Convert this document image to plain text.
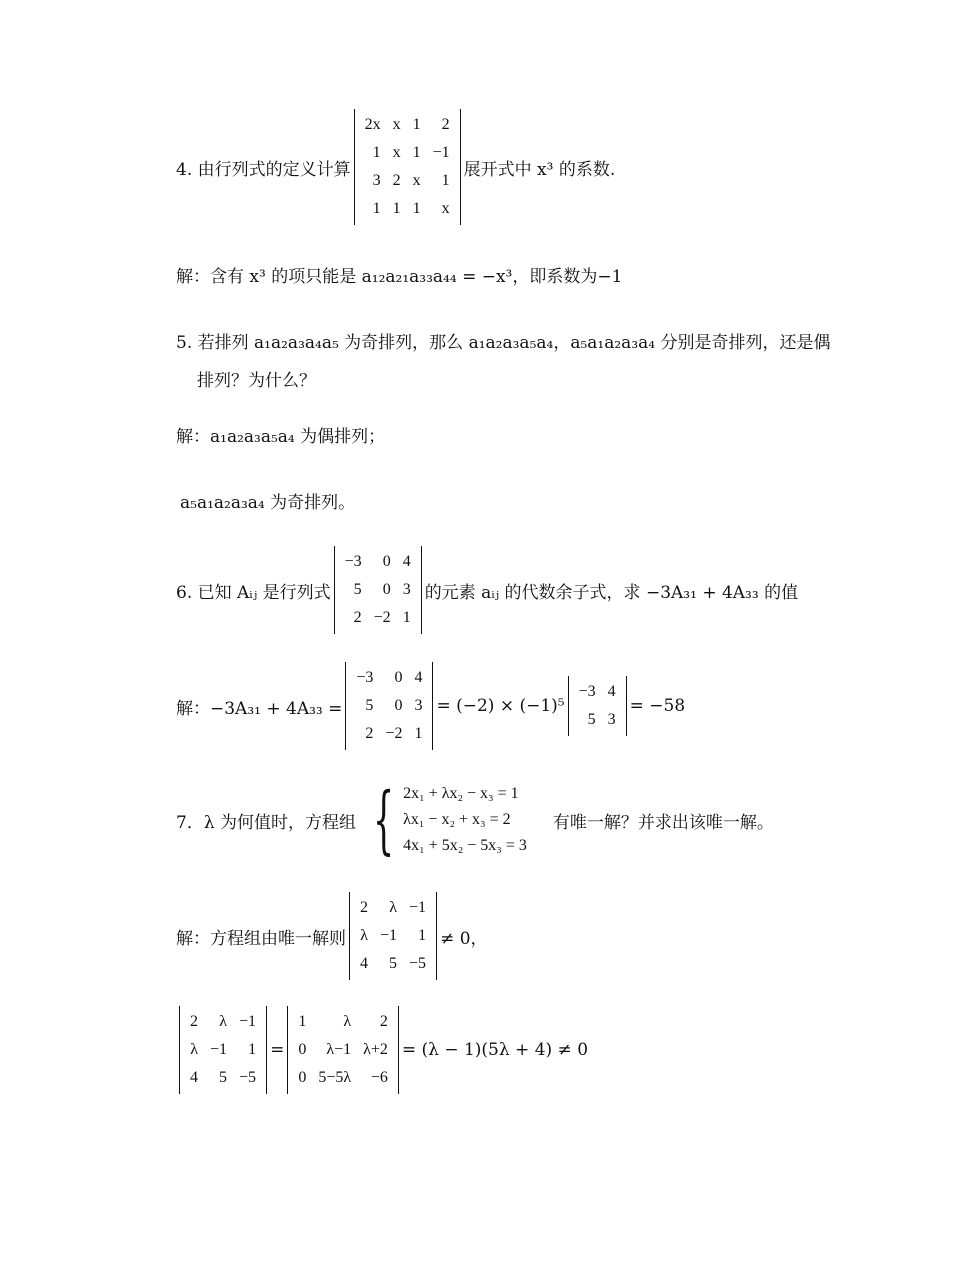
4. 由行列式的定义计算
2x	x	1	2
1	x	1	−1
3	2	x	1
1	1	1	x
展开式中 x³ 的系数.
解：含有 x³ 的项只能是 a₁₂a₂₁a₃₃a₄₄ = −x³，即系数为−1
5. 若排列 a₁a₂a₃a₄a₅ 为奇排列，那么 a₁a₂a₃a₅a₄，a₅a₁a₂a₃a₄ 分别是奇排列，还是偶
排列？为什么？
解：a₁a₂a₃a₅a₄ 为偶排列；
a₅a₁a₂a₃a₄ 为奇排列。
6. 已知 Aᵢⱼ 是行列式
−3	0	4
5	0	3
2	−2	1
的元素 aᵢⱼ 的代数余子式，求 −3A₃₁ + 4A₃₃ 的值
解：−3A₃₁ + 4A₃₃ =
−3	0	4
5	0	3
2	−2	1
= (−2) × (−1)⁵
−3	4
5	3
= −58
7．λ 为何值时，方程组 { 2x₁ + λx₂ − x₃ = 1
λx₁ − x₂ + x₃ = 2
4x₁ + 5x₂ − 5x₃ = 3
有唯一解？并求出该唯一解。
解：方程组由唯一解则
2	λ	−1
λ	−1	1
4	5	−5
≠ 0，
2	λ	−1
λ	−1	1
4	5	−5
=
1	λ	2
0	λ−1	λ+2
0	5−5λ	−6
= (λ − 1)(5λ + 4) ≠ 0
